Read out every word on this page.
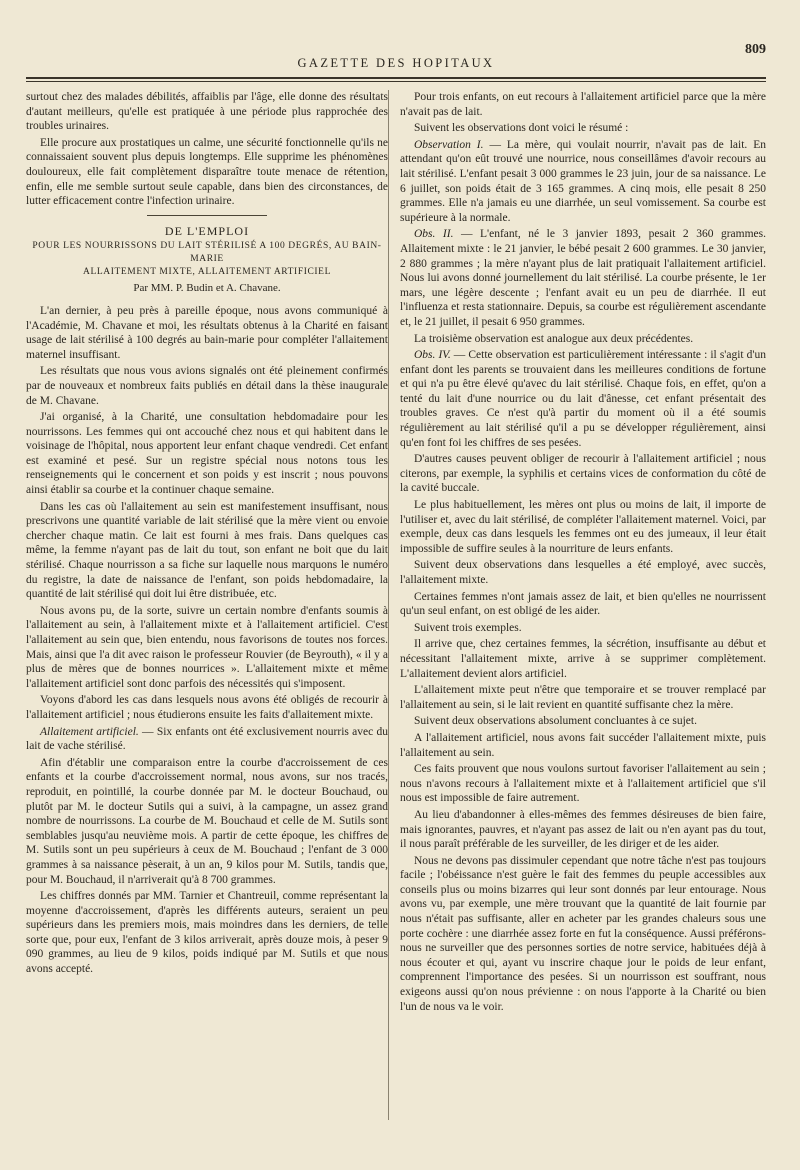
GAZETTE DES HOPITAUX
809

surtout chez des malades débilités, affaiblis par l'âge, elle donne des résultats d'autant meilleurs, qu'elle est pratiquée à une période plus rapprochée des troubles urinaires.

Elle procure aux prostatiques un calme, une sécurité fonctionnelle qu'ils ne connaissaient souvent plus depuis longtemps. Elle supprime les phénomènes douloureux, elle fait complètement disparaître toute menace de rétention, enfin, elle me semble surtout seule capable, dans bien des circonstances, de lutter efficacement contre l'infection urinaire.

DE L'EMPLOI

POUR LES NOURRISSONS DU LAIT STÉRILISÉ A 100 DEGRÉS, AU BAIN-MARIE

ALLAITEMENT MIXTE, ALLAITEMENT ARTIFICIEL

Par MM. P. Budin et A. Chavane.

L'an dernier, à peu près à pareille époque, nous avons communiqué à l'Académie, M. Chavane et moi, les résultats obtenus à la Charité en faisant usage de lait stérilisé à 100 degrés au bain-marie pour compléter l'allaitement maternel insuffisant.

Les résultats que nous vous avions signalés ont été pleinement confirmés par de nouveaux et nombreux faits publiés en détail dans la thèse inaugurale de M. Chavane.

J'ai organisé, à la Charité, une consultation hebdomadaire pour les nourrissons. Les femmes qui ont accouché chez nous et qui habitent dans le voisinage de l'hôpital, nous apportent leur enfant chaque vendredi. Cet enfant est examiné et pesé. Sur un registre spécial nous notons tous les renseignements qui le concernent et son poids y est inscrit ; nous pouvons ainsi établir sa courbe et la continuer chaque semaine.

Dans les cas où l'allaitement au sein est manifestement insuffisant, nous prescrivons une quantité variable de lait stérilisé que la mère vient ou envoie chercher chaque matin. Ce lait est fourni à mes frais. Dans quelques cas même, la femme n'ayant pas de lait du tout, son enfant ne boit que du lait stérilisé. Chaque nourrisson a sa fiche sur laquelle nous marquons le numéro du registre, la date de naissance de l'enfant, son poids hebdomadaire, la quantité de lait stérilisé qui doit lui être distribuée, etc.

Nous avons pu, de la sorte, suivre un certain nombre d'enfants soumis à l'allaitement au sein, à l'allaitement mixte et à l'allaitement artificiel. C'est l'allaitement au sein que, bien entendu, nous favorisons de toutes nos forces. Mais, ainsi que l'a dit avec raison le professeur Rouvier (de Beyrouth), « il y a plus de mères que de bonnes nourrices ». L'allaitement mixte et même l'allaitement artificiel sont donc parfois des nécessités qui s'imposent.

Voyons d'abord les cas dans lesquels nous avons été obligés de recourir à l'allaitement artificiel ; nous étudierons ensuite les faits d'allaitement mixte.

Allaitement artificiel. — Six enfants ont été exclusivement nourris avec du lait de vache stérilisé.

Afin d'établir une comparaison entre la courbe d'accroissement de ces enfants et la courbe d'accroissement normal, nous avons, sur nos tracés, reproduit, en pointillé, la courbe donnée par M. le docteur Bouchaud, ou plutôt par M. le docteur Sutils qui a suivi, à la campagne, un assez grand nombre de nourrissons. La courbe de M. Bouchaud et celle de M. Sutils sont semblables jusqu'au neuvième mois. A partir de cette époque, les chiffres de M. Sutils sont un peu supérieurs à ceux de M. Bouchaud ; l'enfant de 3 000 grammes à sa naissance pèserait, à un an, 9 kilos pour M. Sutils, tandis que, pour M. Bouchaud, il n'arriverait qu'à 8 700 grammes.

Les chiffres donnés par MM. Tarnier et Chantreuil, comme représentant la moyenne d'accroissement, d'après les différents auteurs, seraient un peu supérieurs dans les premiers mois, mais moindres dans les derniers, de telle sorte que, pour eux, l'enfant de 3 kilos arriverait, après douze mois, à peser 9 090 grammes, au lieu de 9 kilos, poids indiqué par M. Sutils et que nous avons accepté.

Pour trois enfants, on eut recours à l'allaitement artificiel parce que la mère n'avait pas de lait.

Suivent les observations dont voici le résumé :

Observation I. — La mère, qui voulait nourrir, n'avait pas de lait. En attendant qu'on eût trouvé une nourrice, nous conseillâmes d'avoir recours au lait stérilisé. L'enfant pesait 3 000 grammes le 23 juin, jour de sa naissance. Le 6 juillet, son poids était de 3 165 grammes. A cinq mois, elle pesait 8 250 grammes. Elle n'a jamais eu une diarrhée, un seul vomissement. Sa courbe est supérieure à la normale.

Obs. II. — L'enfant, né le 3 janvier 1893, pesait 2 360 grammes. Allaitement mixte : le 21 janvier, le bébé pesait 2 600 grammes. Le 30 janvier, 2 880 grammes ; la mère n'ayant plus de lait pratiquait l'allaitement artificiel. Nous lui avons donné journellement du lait stérilisé. La courbe présente, le 1er mars, une légère descente ; l'enfant avait eu un peu de diarrhée. Il eut l'influenza et resta stationnaire. Depuis, sa courbe est régulièrement ascendante et, le 21 juillet, il pesait 6 950 grammes.

La troisième observation est analogue aux deux précédentes.

Obs. IV. — Cette observation est particulièrement intéressante : il s'agit d'un enfant dont les parents se trouvaient dans les meilleures conditions de fortune et qui n'a pu être élevé qu'avec du lait stérilisé. Chaque fois, en effet, qu'on a tenté du lait d'une nourrice ou du lait d'ânesse, cet enfant présentait des troubles graves. Ce n'est qu'à partir du moment où il a été soumis régulièrement au lait stérilisé qu'il a pu se développer régulièrement, ainsi qu'en font foi les chiffres de ses pesées.

D'autres causes peuvent obliger de recourir à l'allaitement artificiel ; nous citerons, par exemple, la syphilis et certains vices de conformation du côté de la cavité buccale.

Le plus habituellement, les mères ont plus ou moins de lait, il importe de l'utiliser et, avec du lait stérilisé, de compléter l'allaitement maternel. Voici, par exemple, deux cas dans lesquels les femmes ont eu des jumeaux, il leur était impossible de suffire seules à la nourriture de leurs enfants.

Suivent deux observations dans lesquelles a été employé, avec succès, l'allaitement mixte.

Certaines femmes n'ont jamais assez de lait, et bien qu'elles ne nourrissent qu'un seul enfant, on est obligé de les aider.

Suivent trois exemples.

Il arrive que, chez certaines femmes, la sécrétion, insuffisante au début et nécessitant l'allaitement mixte, arrive à se supprimer complètement. L'allaitement devient alors artificiel.

L'allaitement mixte peut n'être que temporaire et se trouver remplacé par l'allaitement au sein, si le lait revient en quantité suffisante chez la mère.

Suivent deux observations absolument concluantes à ce sujet.

A l'allaitement artificiel, nous avons fait succéder l'allaitement mixte, puis l'allaitement au sein.

Ces faits prouvent que nous voulons surtout favoriser l'allaitement au sein ; nous n'avons recours à l'allaitement mixte et à l'allaitement artificiel que s'il nous est impossible de faire autrement.

Au lieu d'abandonner à elles-mêmes des femmes désireuses de bien faire, mais ignorantes, pauvres, et n'ayant pas assez de lait ou n'en ayant pas du tout, il nous paraît préférable de les surveiller, de les diriger et de les aider.

Nous ne devons pas dissimuler cependant que notre tâche n'est pas toujours facile ; l'obéissance n'est guère le fait des femmes du peuple accessibles aux conseils plus ou moins bizarres qui leur sont donnés par leur entourage. Nous avons vu, par exemple, une mère trouvant que la quantité de lait fournie par nous n'était pas suffisante, aller en acheter par les grandes chaleurs sous une porte cochère : une diarrhée assez forte en fut la conséquence. Aussi préférons-nous ne surveiller que des personnes sorties de notre service, habituées déjà à nous écouter et qui, ayant vu inscrire chaque jour le poids de leur enfant, comprennent l'importance des pesées. Si un nourrisson est souffrant, nous exigeons aussi qu'on nous prévienne : on nous l'apporte à la Charité ou bien l'un de nous va le voir.
